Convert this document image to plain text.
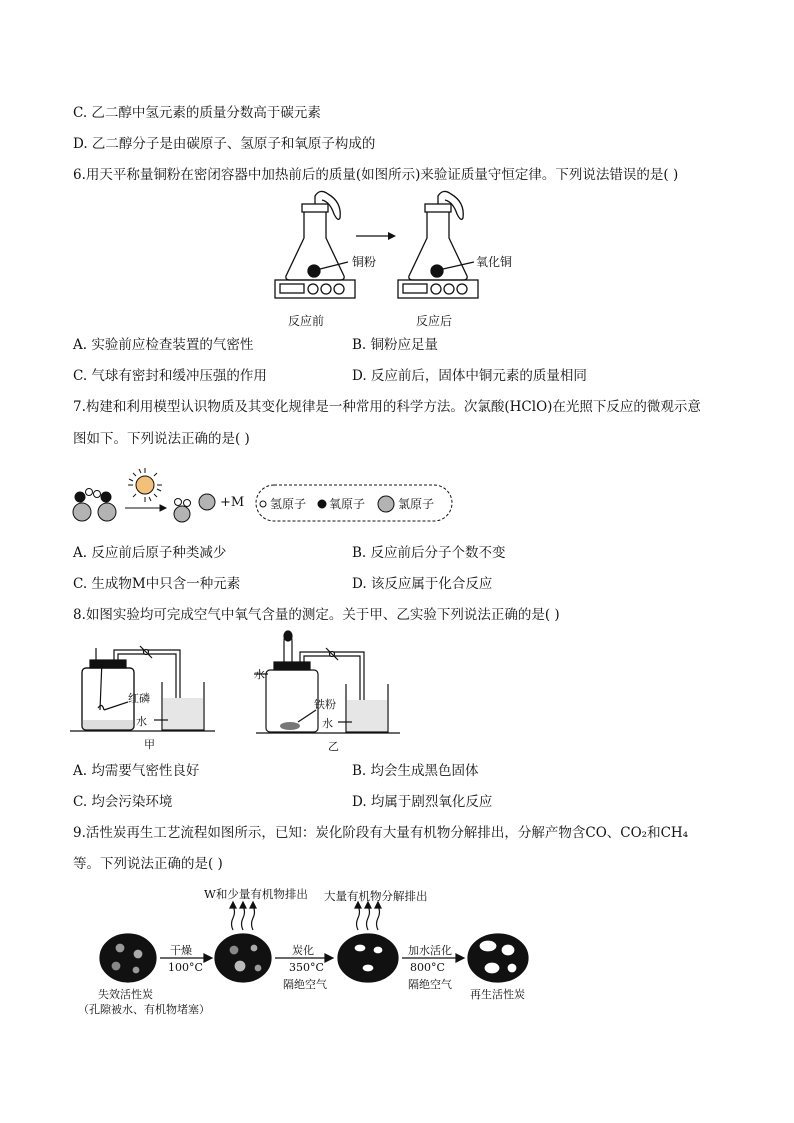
C. 乙二醇中氢元素的质量分数高于碳元素
D. 乙二醇分子是由碳原子、氢原子和氧原子构成的
6.用天平称量铜粉在密闭容器中加热前后的质量(如图所示)来验证质量守恒定律。下列说法错误的是( )
铜粉	氧化铜
反应前	反应后
A. 实验前应检查装置的气密性	B. 铜粉应足量
C. 气球有密封和缓冲压强的作用	D. 反应前后，固体中铜元素的质量相同
7.构建和利用模型认识物质及其变化规律是一种常用的科学方法。次氯酸(HClO)在光照下反应的微观示意
图如下。下列说法正确的是( )
+M 氢原子 氧原子	氯原子
A. 反应前后原子种类减少	B. 反应前后分子个数不变
C. 生成物M中只含一种元素	D. 该反应属于化合反应
8.如图实验均可完成空气中氧气含量的测定。关于甲、乙实验下列说法正确的是( )
红磷
水
甲
水
铁粉
水
乙
A. 均需要气密性良好	B. 均会生成黑色固体
C. 均会污染环境	D. 均属于剧烈氧化反应
9.活性炭再生工艺流程如图所示，已知：炭化阶段有大量有机物分解排出，分解产物含CO、CO₂和CH₄
等。下列说法正确的是( )
W和少量有机物排出 大量有机物分解排出
干燥
100°C
炭化
350°C
隔绝空气
加水活化
800°C
隔绝空气
失效活性炭
（孔隙被水、有机物堵塞）
再生活性炭
